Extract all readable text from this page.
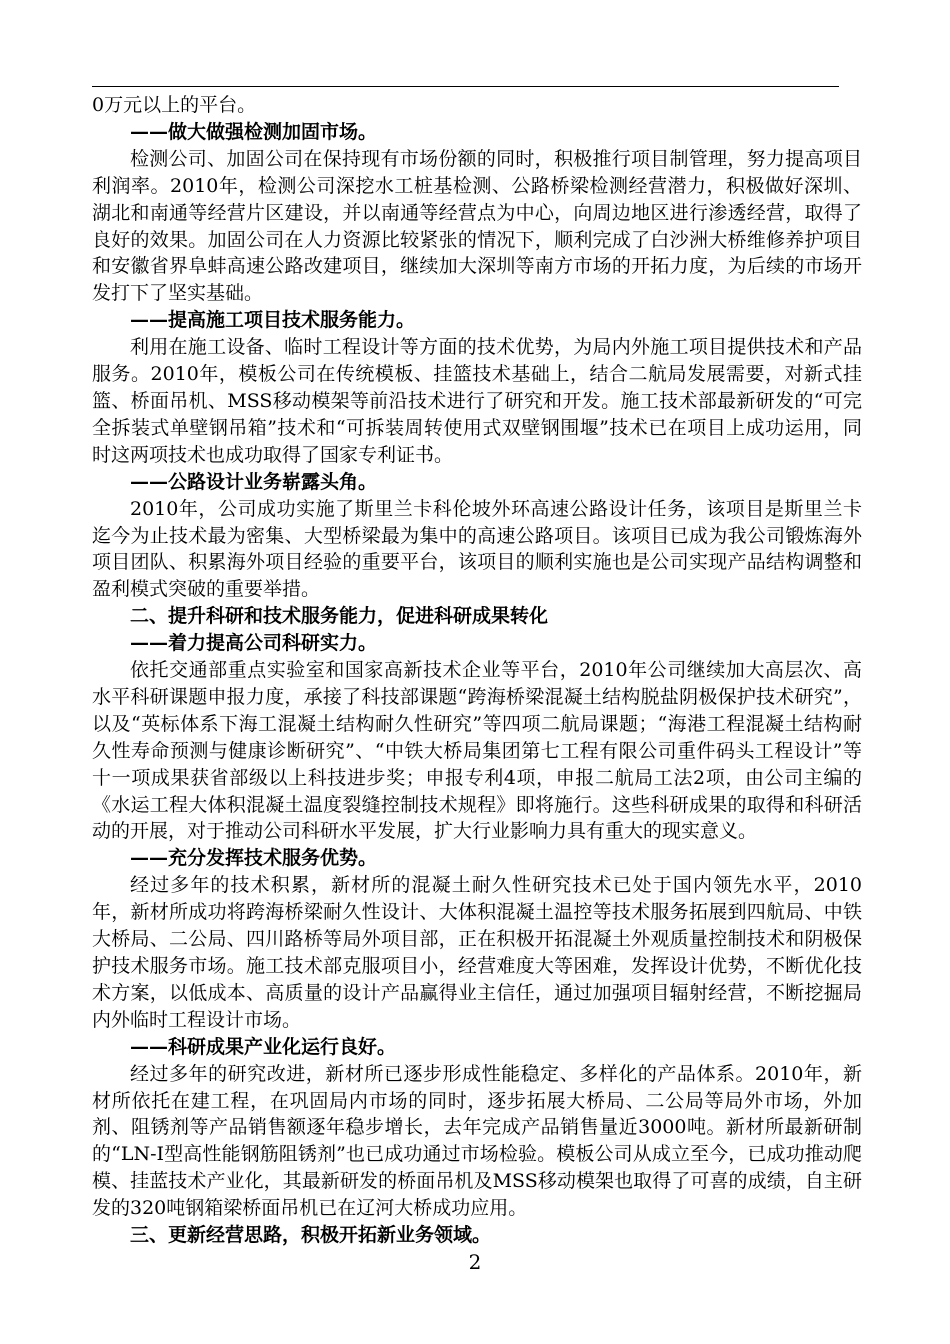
0万元以上的平台。

——做大做强检测加固市场。

检测公司、加固公司在保持现有市场份额的同时，积极推行项目制管理，努力提高项目利润率。2010年，检测公司深挖水工桩基检测、公路桥梁检测经营潜力，积极做好深圳、湖北和南通等经营片区建设，并以南通等经营点为中心，向周边地区进行渗透经营，取得了良好的效果。加固公司在人力资源比较紧张的情况下，顺利完成了白沙洲大桥维修养护项目和安徽省界阜蚌高速公路改建项目，继续加大深圳等南方市场的开拓力度，为后续的市场开发打下了坚实基础。

——提高施工项目技术服务能力。

利用在施工设备、临时工程设计等方面的技术优势，为局内外施工项目提供技术和产品服务。2010年，模板公司在传统模板、挂篮技术基础上，结合二航局发展需要，对新式挂篮、桥面吊机、MSS移动模架等前沿技术进行了研究和开发。施工技术部最新研发的“可完全拆装式单壁钢吊箱”技术和“可拆装周转使用式双壁钢围堰”技术已在项目上成功运用，同时这两项技术也成功取得了国家专利证书。

——公路设计业务崭露头角。

2010年，公司成功实施了斯里兰卡科伦坡外环高速公路设计任务，该项目是斯里兰卡迄今为止技术最为密集、大型桥梁最为集中的高速公路项目。该项目已成为我公司锻炼海外项目团队、积累海外项目经验的重要平台，该项目的顺利实施也是公司实现产品结构调整和盈利模式突破的重要举措。

二、提升科研和技术服务能力，促进科研成果转化

——着力提高公司科研实力。

依托交通部重点实验室和国家高新技术企业等平台，2010年公司继续加大高层次、高水平科研课题申报力度，承接了科技部课题“跨海桥梁混凝土结构脱盐阴极保护技术研究”，以及“英标体系下海工混凝土结构耐久性研究”等四项二航局课题；“海港工程混凝土结构耐久性寿命预测与健康诊断研究”、“中铁大桥局集团第七工程有限公司重件码头工程设计”等十一项成果获省部级以上科技进步奖；申报专利4项，申报二航局工法2项，由公司主编的《水运工程大体积混凝土温度裂缝控制技术规程》即将施行。这些科研成果的取得和科研活动的开展，对于推动公司科研水平发展，扩大行业影响力具有重大的现实意义。

——充分发挥技术服务优势。

经过多年的技术积累，新材所的混凝土耐久性研究技术已处于国内领先水平，2010年，新材所成功将跨海桥梁耐久性设计、大体积混凝土温控等技术服务拓展到四航局、中铁大桥局、二公局、四川路桥等局外项目部，正在积极开拓混凝土外观质量控制技术和阴极保护技术服务市场。施工技术部克服项目小，经营难度大等困难，发挥设计优势，不断优化技术方案，以低成本、高质量的设计产品赢得业主信任，通过加强项目辐射经营，不断挖掘局内外临时工程设计市场。

——科研成果产业化运行良好。

经过多年的研究改进，新材所已逐步形成性能稳定、多样化的产品体系。2010年，新材所依托在建工程，在巩固局内市场的同时，逐步拓展大桥局、二公局等局外市场，外加剂、阻锈剂等产品销售额逐年稳步增长，去年完成产品销售量近3000吨。新材所最新研制的“LN-I型高性能钢筋阻锈剂”也已成功通过市场检验。模板公司从成立至今，已成功推动爬模、挂蓝技术产业化，其最新研发的桥面吊机及MSS移动模架也取得了可喜的成绩，自主研发的320吨钢箱梁桥面吊机已在辽河大桥成功应用。

三、更新经营思路，积极开拓新业务领域。

2
